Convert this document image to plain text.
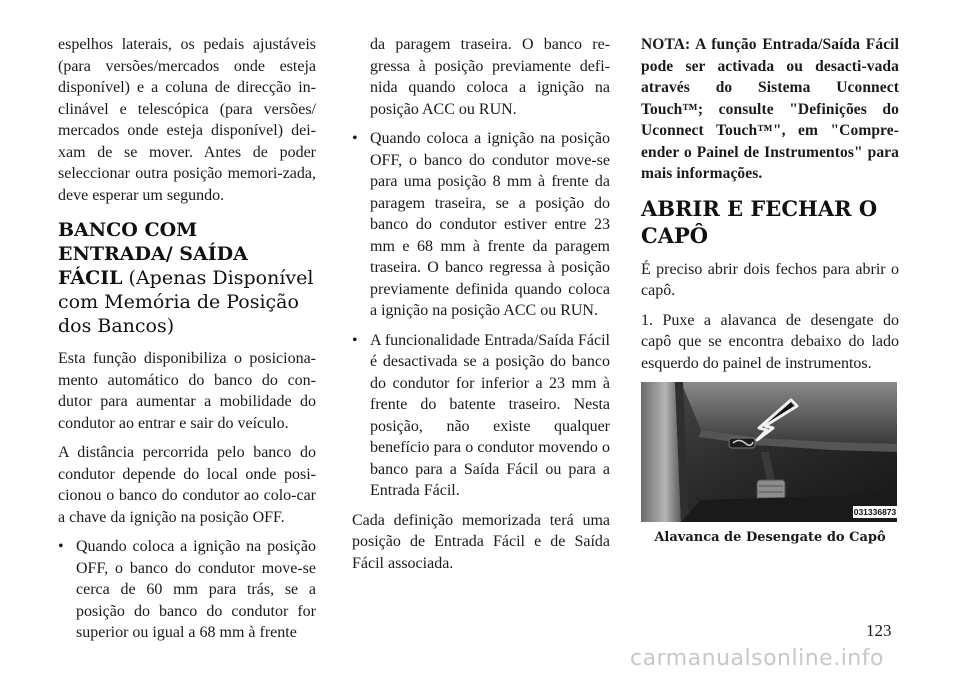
espelhos laterais, os pedais ajustáveis (para versões/mercados onde esteja disponível) e a coluna de direcção in-clinável e telescópica (para versões/ mercados onde esteja disponível) dei-xam de se mover. Antes de poder seleccionar outra posição memori-zada, deve esperar um segundo.

BANCO COM ENTRADA/ SAÍDA FÁCIL (Apenas Disponível com Memória de Posição dos Bancos)

Esta função disponibiliza o posiciona-mento automático do banco do con-dutor para aumentar a mobilidade do condutor ao entrar e sair do veículo.

A distância percorrida pelo banco do condutor depende do local onde posi-cionou o banco do condutor ao colo-car a chave da ignição na posição OFF.

• Quando coloca a ignição na posição OFF, o banco do condutor move-se cerca de 60 mm para trás, se a posição do banco do condutor for superior ou igual a 68 mm à frente
da paragem traseira. O banco re-gressa à posição previamente defi-nida quando coloca a ignição na posição ACC ou RUN.
• Quando coloca a ignição na posição OFF, o banco do condutor move-se para uma posição 8 mm à frente da paragem traseira, se a posição do banco do condutor estiver entre 23 mm e 68 mm à frente da paragem traseira. O banco regressa à posição previamente definida quando coloca a ignição na posição ACC ou RUN.
• A funcionalidade Entrada/Saída Fácil é desactivada se a posição do banco do condutor for inferior a 23 mm à frente do batente traseiro. Nesta posição, não existe qualquer benefício para o condutor movendo o banco para a Saída Fácil ou para a Entrada Fácil.

Cada definição memorizada terá uma posição de Entrada Fácil e de Saída Fácil associada.

NOTA: A função Entrada/Saída Fácil pode ser activada ou desacti-vada através do Sistema Uconnect Touch™; consulte "Definições do Uconnect Touch™", em "Compre-ender o Painel de Instrumentos" para mais informações.

ABRIR E FECHAR O CAPÔ

É preciso abrir dois fechos para abrir o capô.

1. Puxe a alavanca de desengate do capô que se encontra debaixo do lado esquerdo do painel de instrumentos.

031336873
Alavanca de Desengate do Capô
123
carmanualsonline.info
